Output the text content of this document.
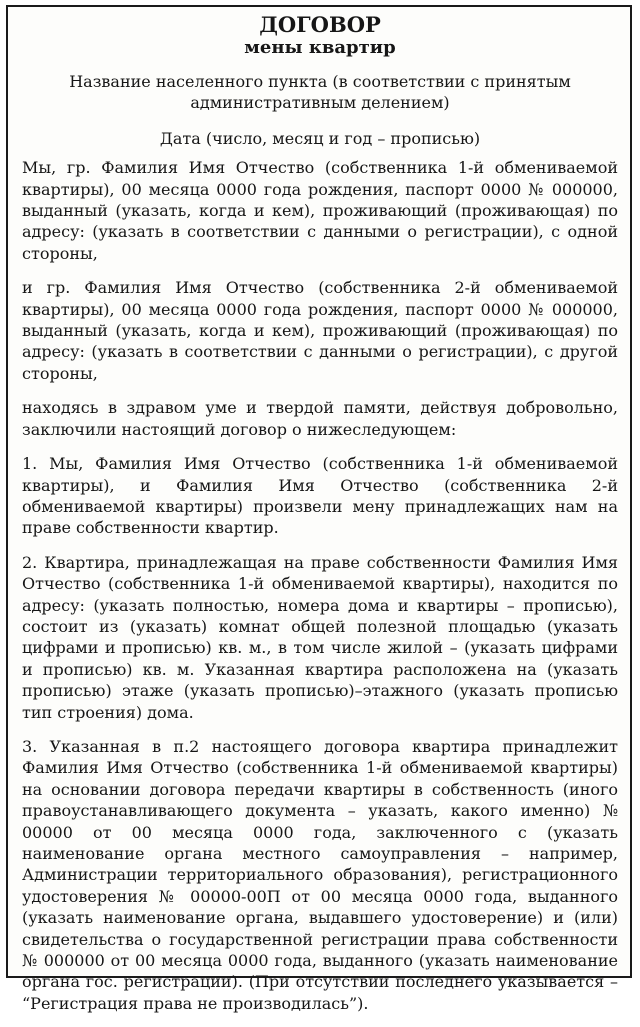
ДОГОВОР

мены квартир

Название населенного пункта (в соответствии с принятым административным делением)

Дата (число, месяц и год – прописью)

Мы, гр. Фамилия Имя Отчество (собственника 1-й обмениваемой квартиры), 00 месяца 0000 года рождения, паспорт 0000 № 000000, выданный (указать, когда и кем), проживающий (проживающая) по адресу: (указать в соответствии с данными о регистрации), с одной стороны,

и гр. Фамилия Имя Отчество (собственника 2-й обмениваемой квартиры), 00 месяца 0000 года рождения, паспорт 0000 № 000000, выданный (указать, когда и кем), проживающий (проживающая) по адресу: (указать в соответствии с данными о регистрации), с другой стороны,

находясь в здравом уме и твердой памяти, действуя добровольно, заключили настоящий договор о нижеследующем:

1. Мы, Фамилия Имя Отчество (собственника 1-й обмениваемой квартиры), и Фамилия Имя Отчество (собственника 2-й обмениваемой квартиры) произвели мену принадлежащих нам на праве собственности квартир.

2. Квартира, принадлежащая на праве собственности Фамилия Имя Отчество (собственника 1-й обмениваемой квартиры), находится по адресу: (указать полностью, номера дома и квартиры – прописью), состоит из (указать) комнат общей полезной площадью (указать цифрами и прописью) кв. м., в том числе жилой – (указать цифрами и прописью) кв. м. Указанная квартира расположена на (указать прописью) этаже (указать прописью)–этажного (указать прописью тип строения) дома.

3. Указанная в п.2 настоящего договора квартира принадлежит Фамилия Имя Отчество (собственника 1-й обмениваемой квартиры) на основании договора передачи квартиры в собственность (иного правоустанавливающего документа – указать, какого именно) № 00000 от 00 месяца 0000 года, заключенного с (указать наименование органа местного самоуправления – например, Администрации территориального образования), регистрационного удостоверения № 00000-00П от 00 месяца 0000 года, выданного (указать наименование органа, выдавшего удостоверение) и (или) свидетельства о государственной регистрации права собственности № 000000 от 00 месяца 0000 года, выданного (указать наименование органа гос. регистрации). (При отсутствии последнего указывается – “Регистрация права не производилась”).
